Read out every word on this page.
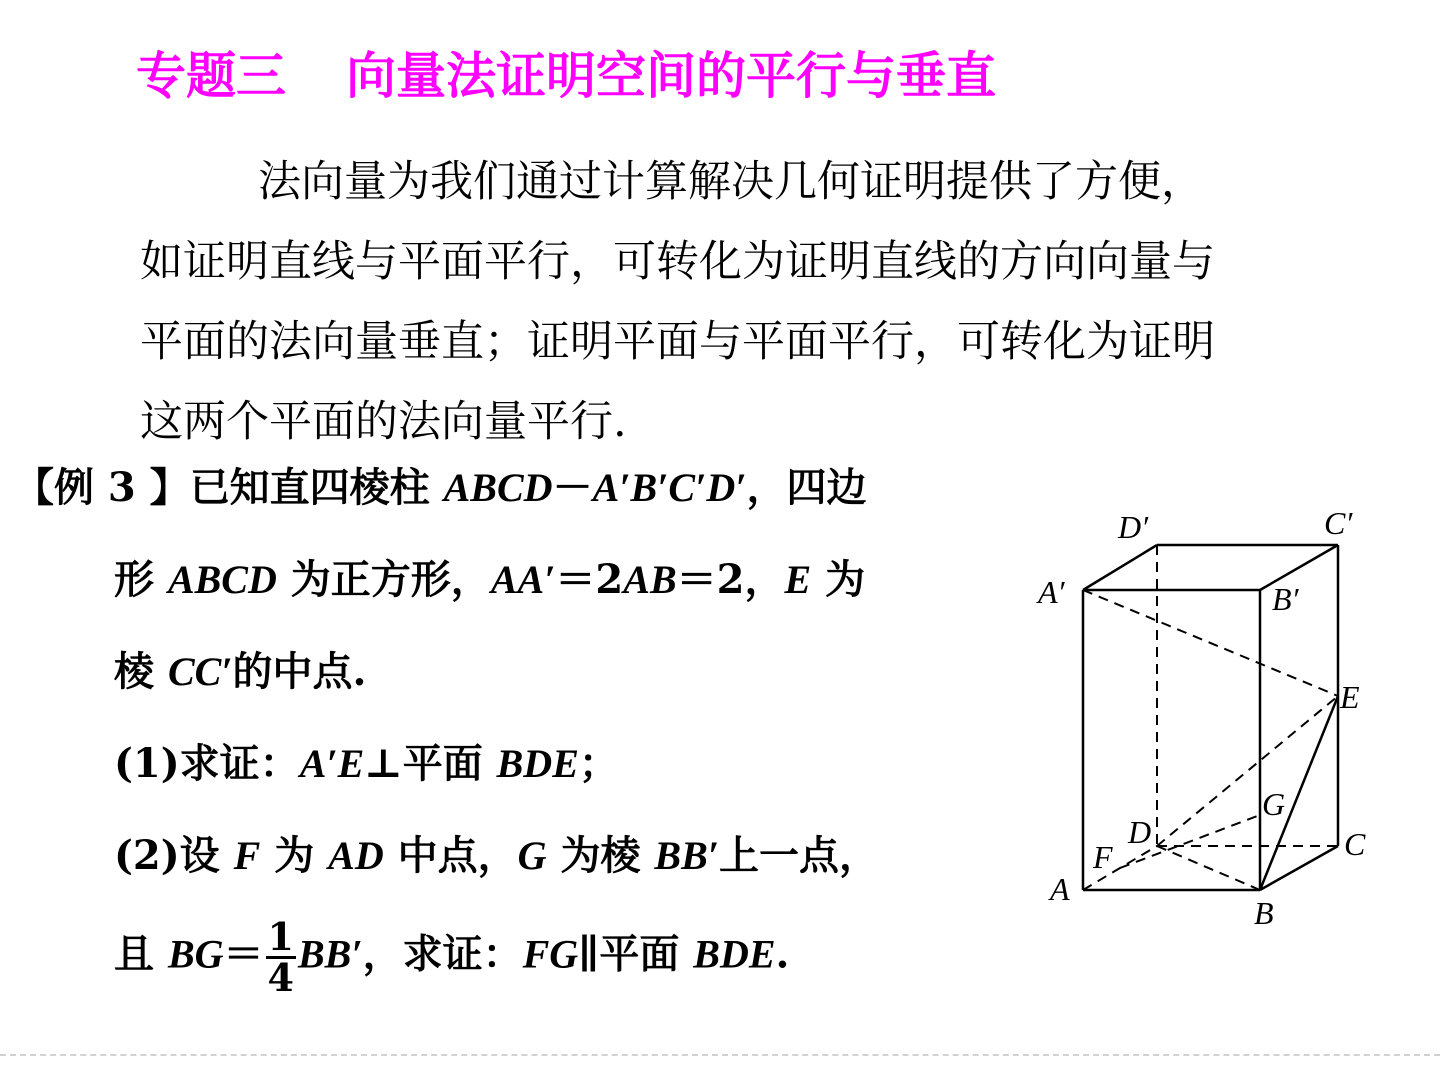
专题三 向量法证明空间的平行与垂直
法向量为我们通过计算解决几何证明提供了方便，
如证明直线与平面平行，可转化为证明直线的方向向量与
平面的法向量垂直；证明平面与平面平行，可转化为证明
这两个平面的法向量平行.
【例 3 】已知直四棱柱 ABCD－A′B′C′D′，四边
形 ABCD 为正方形，AA′＝2AB＝2，E 为
棱 CC′的中点.
(1)求证：A′E⊥平面 BDE；
(2)设 F 为 AD 中点，G 为棱 BB′上一点，
且 $BG= \frac{1}{4} BB'$，求证：FG∥平面 BDE.
D′	C′
A′	B′
E
G
D	C
F
A
B
